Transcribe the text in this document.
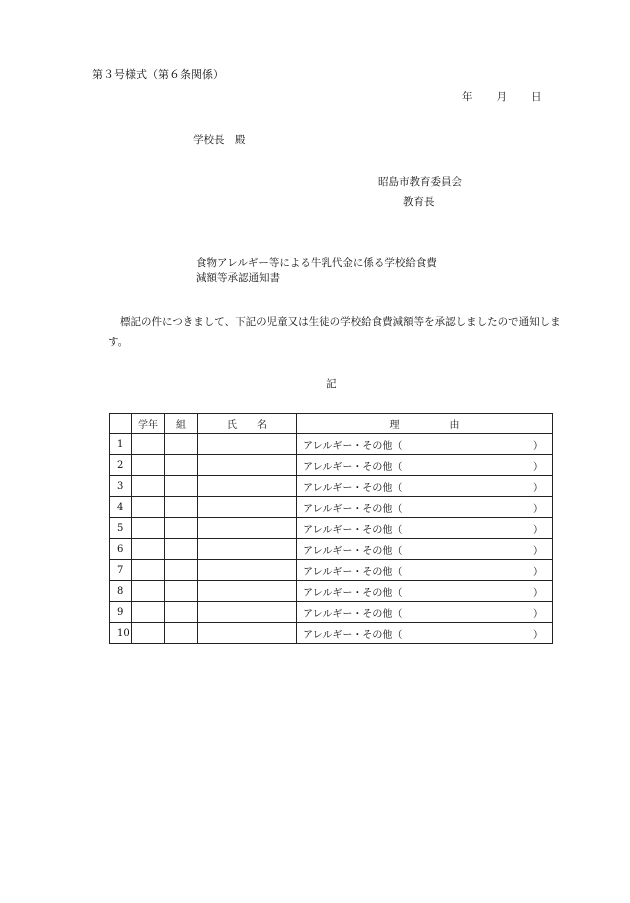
第３号様式（第６条関係）
年 月 日
学校長　殿
昭島市教育委員会
教育長
食物アレルギー等による牛乳代金に係る学校給食費
減額等承認通知書
標記の件につきまして、下記の児童又は生徒の学校給食費減額等を承認しましたので通知します。
記
	学年	組	氏　　名	理　　　　　由
1				アレルギー・その他（ ）

2				アレルギー・その他（ ）

3				アレルギー・その他（ ）

4				アレルギー・その他（ ）

5				アレルギー・その他（ ）

6				アレルギー・その他（ ）

7				アレルギー・その他（ ）

8				アレルギー・その他（ ）

9				アレルギー・その他（ ）

10				アレルギー・その他（ ）
